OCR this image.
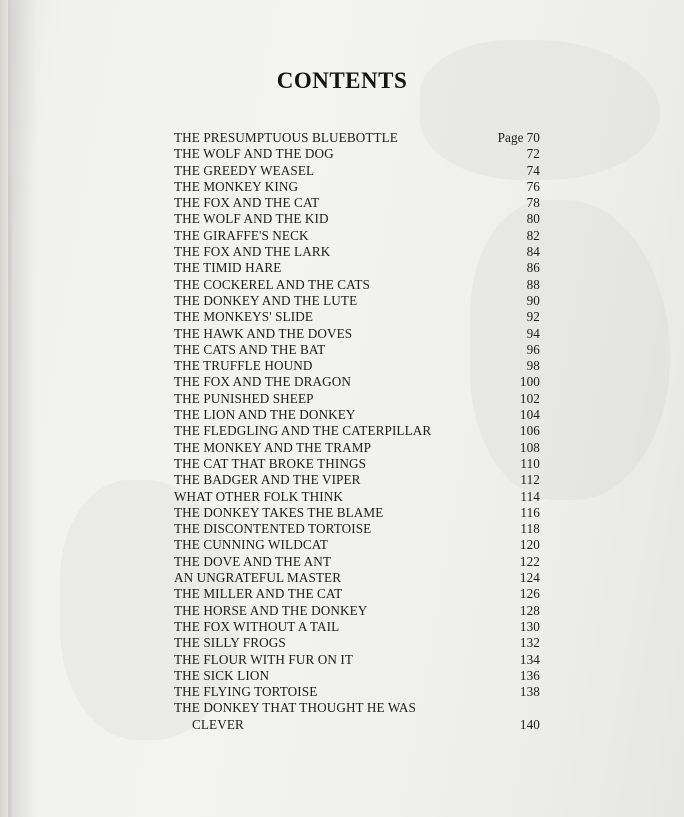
CONTENTS
THE PRESUMPTUOUS BLUEBOTTLE	Page 70
THE WOLF AND THE DOG	72
THE GREEDY WEASEL	74
THE MONKEY KING	76
THE FOX AND THE CAT	78
THE WOLF AND THE KID	80
THE GIRAFFE'S NECK	82
THE FOX AND THE LARK	84
THE TIMID HARE	86
THE COCKEREL AND THE CATS	88
THE DONKEY AND THE LUTE	90
THE MONKEYS' SLIDE	92
THE HAWK AND THE DOVES	94
THE CATS AND THE BAT	96
THE TRUFFLE HOUND	98
THE FOX AND THE DRAGON	100
THE PUNISHED SHEEP	102
THE LION AND THE DONKEY	104
THE FLEDGLING AND THE CATERPILLAR	106
THE MONKEY AND THE TRAMP	108
THE CAT THAT BROKE THINGS	110
THE BADGER AND THE VIPER	112
WHAT OTHER FOLK THINK	114
THE DONKEY TAKES THE BLAME	116
THE DISCONTENTED TORTOISE	118
THE CUNNING WILDCAT	120
THE DOVE AND THE ANT	122
AN UNGRATEFUL MASTER	124
THE MILLER AND THE CAT	126
THE HORSE AND THE DONKEY	128
THE FOX WITHOUT A TAIL	130
THE SILLY FROGS	132
THE FLOUR WITH FUR ON IT	134
THE SICK LION	136
THE FLYING TORTOISE	138
THE DONKEY THAT THOUGHT HE WAS
CLEVER	140
